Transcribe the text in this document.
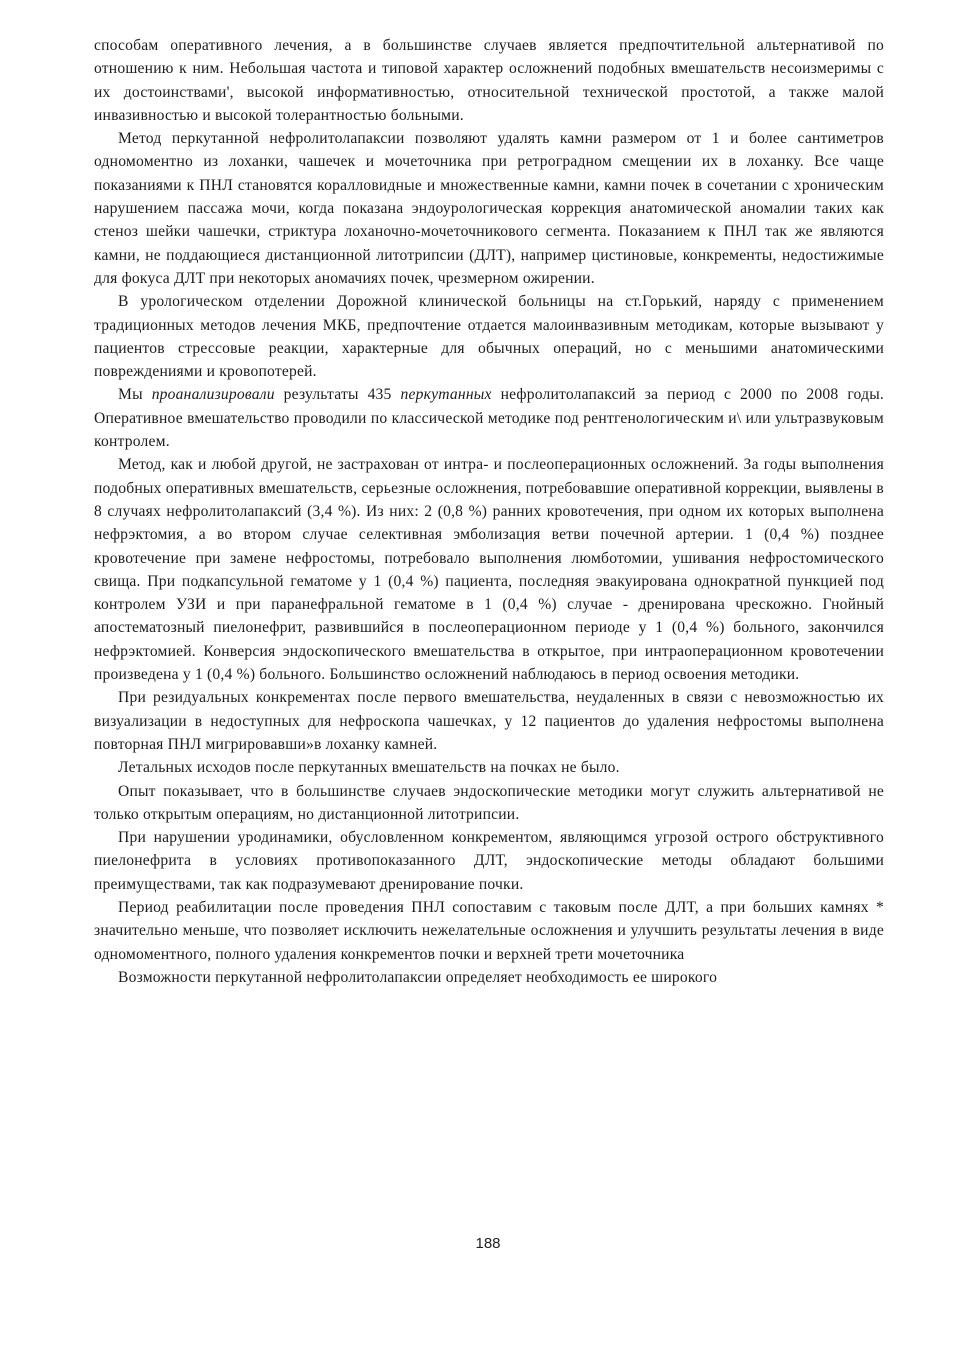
способам оперативного лечения, а в большинстве случаев является предпочтительной альтернативой по отношению к ним. Небольшая частота и типовой характер осложнений подобных вмешательств несоизмеримы с их достоинствами', высокой информативностью, относительной технической простотой, а также малой инвазивностью и высокой толерантностью больными.

Метод перкутанной нефролитолапаксии позволяют удалять камни размером от 1 и более сантиметров одномоментно из лоханки, чашечек и мочеточника при ретроградном смещении их в лоханку. Все чаще показаниями к ПНЛ становятся коралловидные и множественные камни, камни почек в сочетании с хроническим нарушением пассажа мочи, когда показана эндоурологическая коррекция анатомической аномалии таких как стеноз шейки чашечки, стриктура лоханочно-мочеточникового сегмента. Показанием к ПНЛ так же являются камни, не поддающиеся дистанционной литотрипсии (ДЛТ), например цистиновые, конкременты, недостижимые для фокуса ДЛТ при некоторых аномачиях почек, чрезмерном ожирении.

В урологическом отделении Дорожной клинической больницы на ст.Горький, наряду с применением традиционных методов лечения МКБ, предпочтение отдается малоинвазивным методикам, которые вызывают у пациентов стрессовые реакции, характерные для обычных операций, но с меньшими анатомическими повреждениями и кровопотерей.

Мы проанализировали результаты 435 перкутанных нефролитолапаксий за период с 2000 по 2008 годы. Оперативное вмешательство проводили по классической методике под рентгенологическим и\ или ультразвуковым контролем.

Метод, как и любой другой, не застрахован от интра- и послеоперационных осложнений. За годы выполнения подобных оперативных вмешательств, серьезные осложнения, потребовавшие оперативной коррекции, выявлены в 8 случаях нефролитолапаксий (3,4 %). Из них: 2 (0,8 %) ранних кровотечения, при одном их которых выполнена нефрэктомия, а во втором случае селективная эмболизация ветви почечной артерии. 1 (0,4 %) позднее кровотечение при замене нефростомы, потребовало выполнения люмботомии, ушивания нефростомического свища. При подкапсульной гематоме у 1 (0,4 %) пациента, последняя эвакуирована однократной пункцией под контролем УЗИ и при паранефральной гематоме в 1 (0,4 %) случае - дренирована чрескожно. Гнойный апостематозный пиелонефрит, развившийся в послеоперационном периоде у 1 (0,4 %) больного, закончился нефрэктомией. Конверсия эндоскопического вмешательства в открытое, при интраоперационном кровотечении произведена у 1 (0,4 %) больного. Большинство осложнений наблюдаюсь в период освоения методики.

При резидуальных конкрементах после первого вмешательства, неудаленных в связи с невозможностью их визуализации в недоступных для нефроскопа чашечках, у 12 пациентов до удаления нефростомы выполнена повторная ПНЛ мигрировавши»в лоханку камней.

Летальных исходов после перкутанных вмешательств на почках не было.

Опыт показывает, что в большинстве случаев эндоскопические методики могут служить альтернативой не только открытым операциям, но дистанционной литотрипсии.

При нарушении уродинамики, обусловленном конкрементом, являющимся угрозой острого обструктивного пиелонефрита в условиях противопоказанного ДЛТ, эндоскопические методы обладают большими преимуществами, так как подразумевают дренирование почки.

Период реабилитации после проведения ПНЛ сопоставим с таковым после ДЛТ, а при больших камнях * значительно меньше, что позволяет исключить нежелательные осложнения и улучшить результаты лечения в виде одномоментного, полного удаления конкрементов почки и верхней трети мочеточника

Возможности перкутанной нефролитолапаксии определяет необходимость ее широкого

188
